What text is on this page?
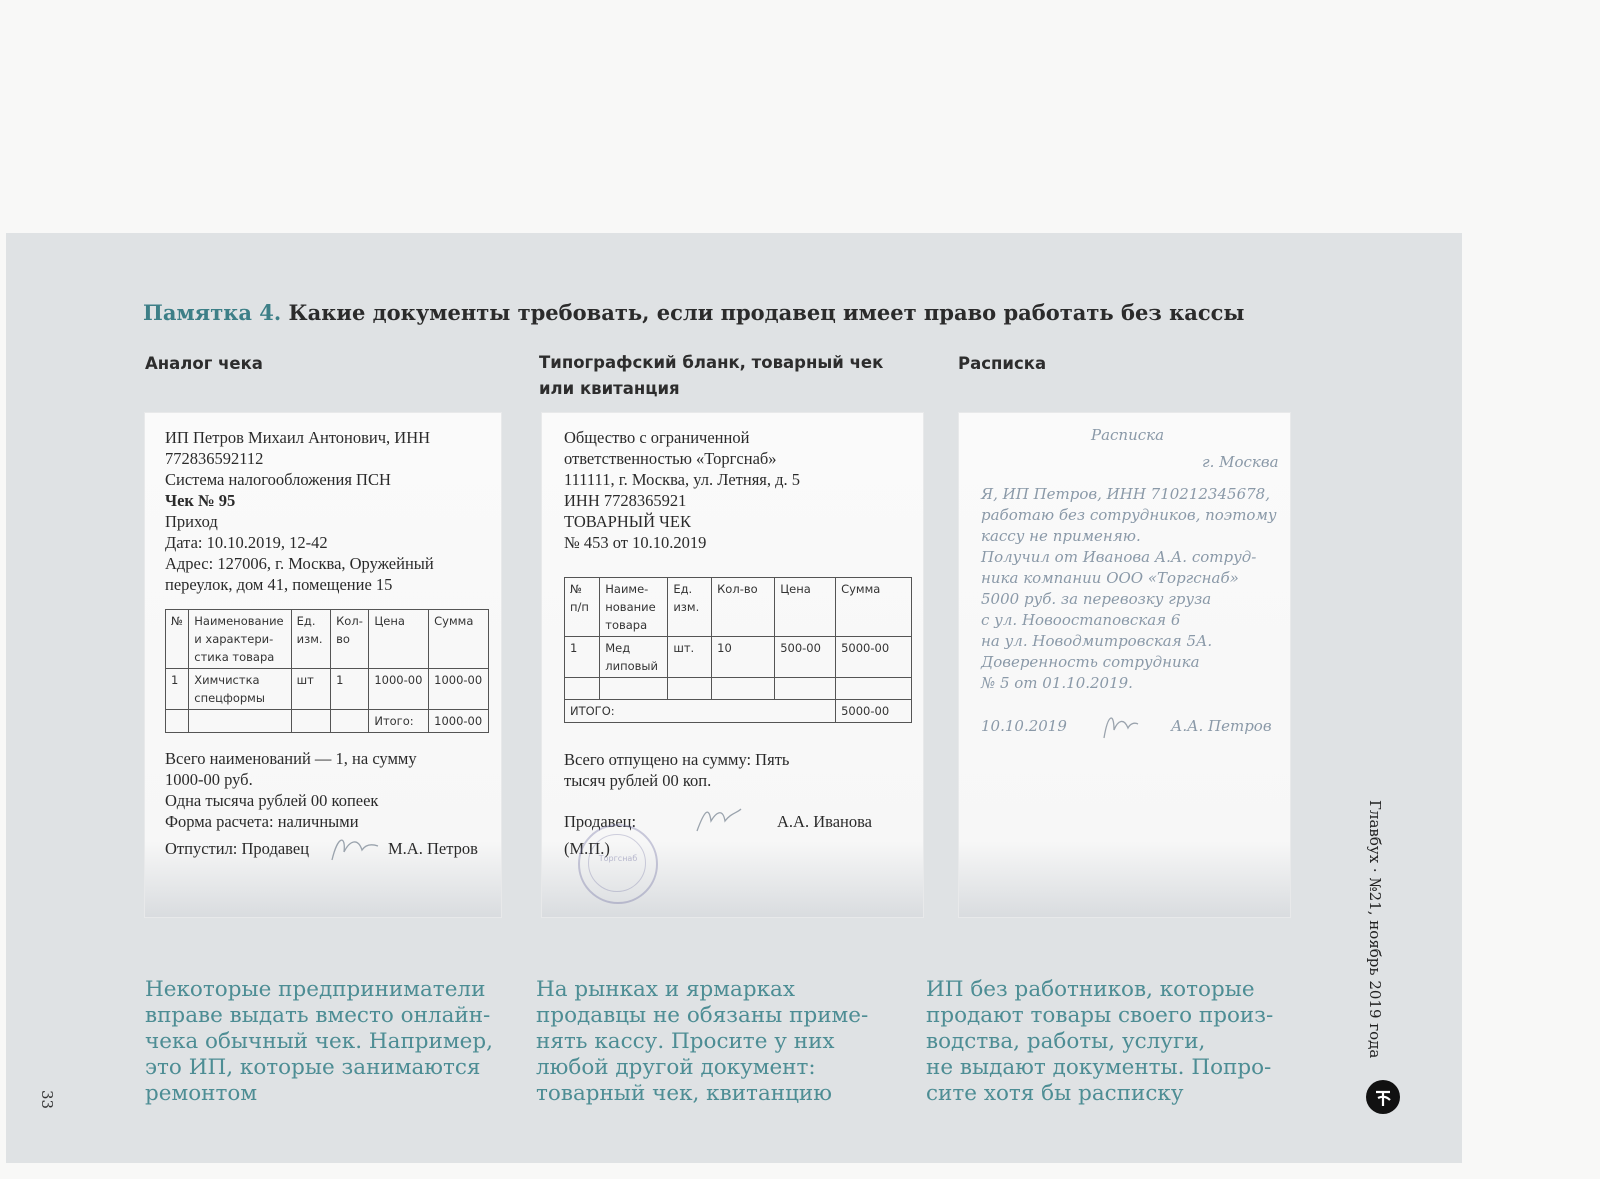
Памятка 4. Какие документы требовать, если продавец имеет право работать без кассы
Аналог чека	Типографский бланк, товарный чек
или квитанция
Расписка
ИП Петров Михаил Антонович, ИНН
772836592112
Система налогообложения ПСН
Чек № 95
Приход
Дата: 10.10.2019, 12-42
Адрес: 127006, г. Москва, Оружейный
переулок, дом 41, помещение 15
№	Наименование и характери-стика товара	Ед. изм.	Кол-во	Цена	Сумма
1	Химчистка спецформы	шт	1	1000-00	1000-00
				Итого:	1000-00
Всего наименований — 1, на сумму
1000-00 руб.
Одна тысяча рублей 00 копеек
Форма расчета: наличными
Отпустил: Продавец	М.А. Петров
Общество с ограниченной
ответственностью «Торгснаб»
111111, г. Москва, ул. Летняя, д. 5
ИНН 7728365921
ТОВАРНЫЙ ЧЕК
№ 453 от 10.10.2019
№ п/п	Наиме-нование товара	Ед. изм.	Кол-во	Цена	Сумма
1	Мед липовый	шт.	10	500-00	5000-00

ИТОГО:					5000-00
Всего отпущено на сумму: Пять
тысяч рублей 00 коп.
Продавец:	А.А. Иванова
(М.П.)
Торгснаб
Расписка
г. Москва
Я, ИП Петров, ИНН 710212345678,
работаю без сотрудников, поэтому
кассу не применяю.
Получил от Иванова А.А. сотруд-
ника компании ООО «Торгснаб»
5000 руб. за перевозку груза
с ул. Новоостаповская 6
на ул. Новодмитровская 5А.
Доверенность сотрудника
№ 5 от 01.10.2019.
10.10.2019	А.А. Петров
Некоторые предприниматели
вправе выдать вместо онлайн-
чека обычный чек. Например,
это ИП, которые занимаются
ремонтом
На рынках и ярмарках
продавцы не обязаны приме-
нять кассу. Просите у них
любой другой документ:
товарный чек, квитанцию
ИП без работников, которые
продают товары своего произ-
водства, работы, услуги,
не выдают документы. Попро-
сите хотя бы расписку
Главбух · №21, ноябрь 2019 года
33
